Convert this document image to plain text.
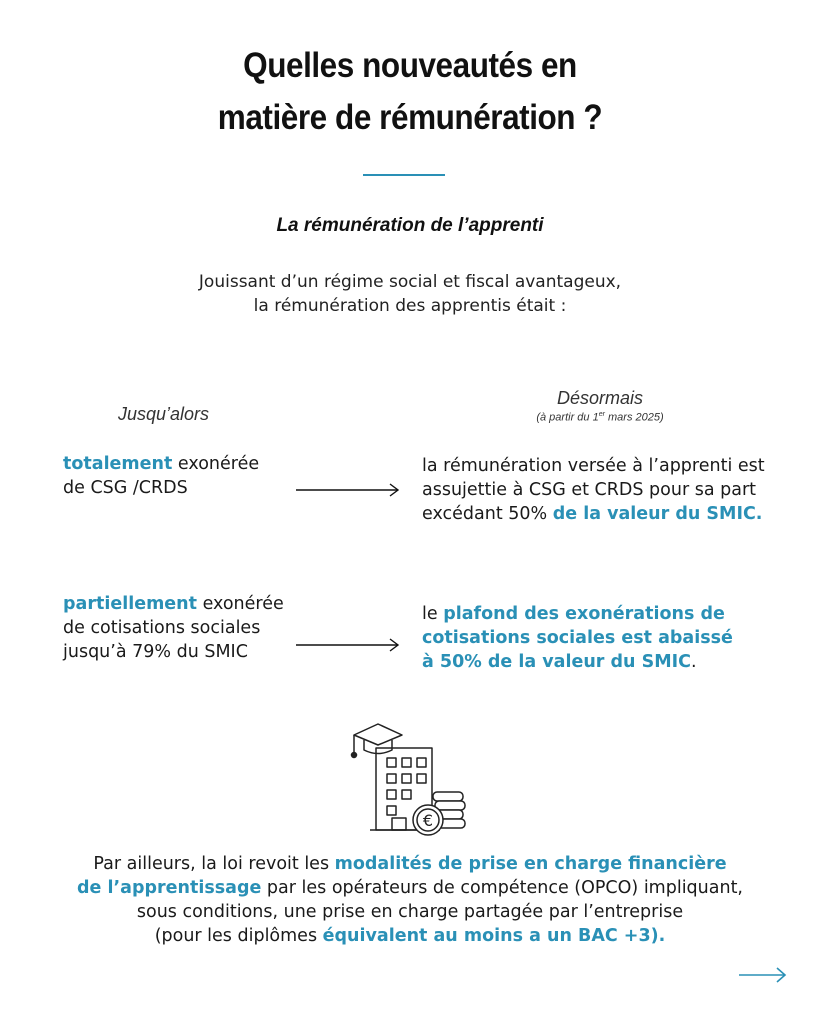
Quelles nouveautés en
matière de rémunération ?
La rémunération de l’apprenti
Jouissant d’un régime social et fiscal avantageux,
la rémunération des apprentis était :
Jusqu’alors
Désormais
(à partir du 1er mars 2025)
totalement exonérée
de CSG /CRDS
la rémunération versée à l’apprenti est
assujettie à CSG et CRDS pour sa part
excédant 50% de la valeur du SMIC.
partiellement exonérée
de cotisations sociales
jusqu’à 79% du SMIC
le plafond des exonérations de
cotisations sociales est abaissé
à 50% de la valeur du SMIC.
€
Par ailleurs, la loi revoit les modalités de prise en charge financière
de l’apprentissage par les opérateurs de compétence (OPCO) impliquant,
sous conditions, une prise en charge partagée par l’entreprise
(pour les diplômes équivalent au moins a un BAC +3).
